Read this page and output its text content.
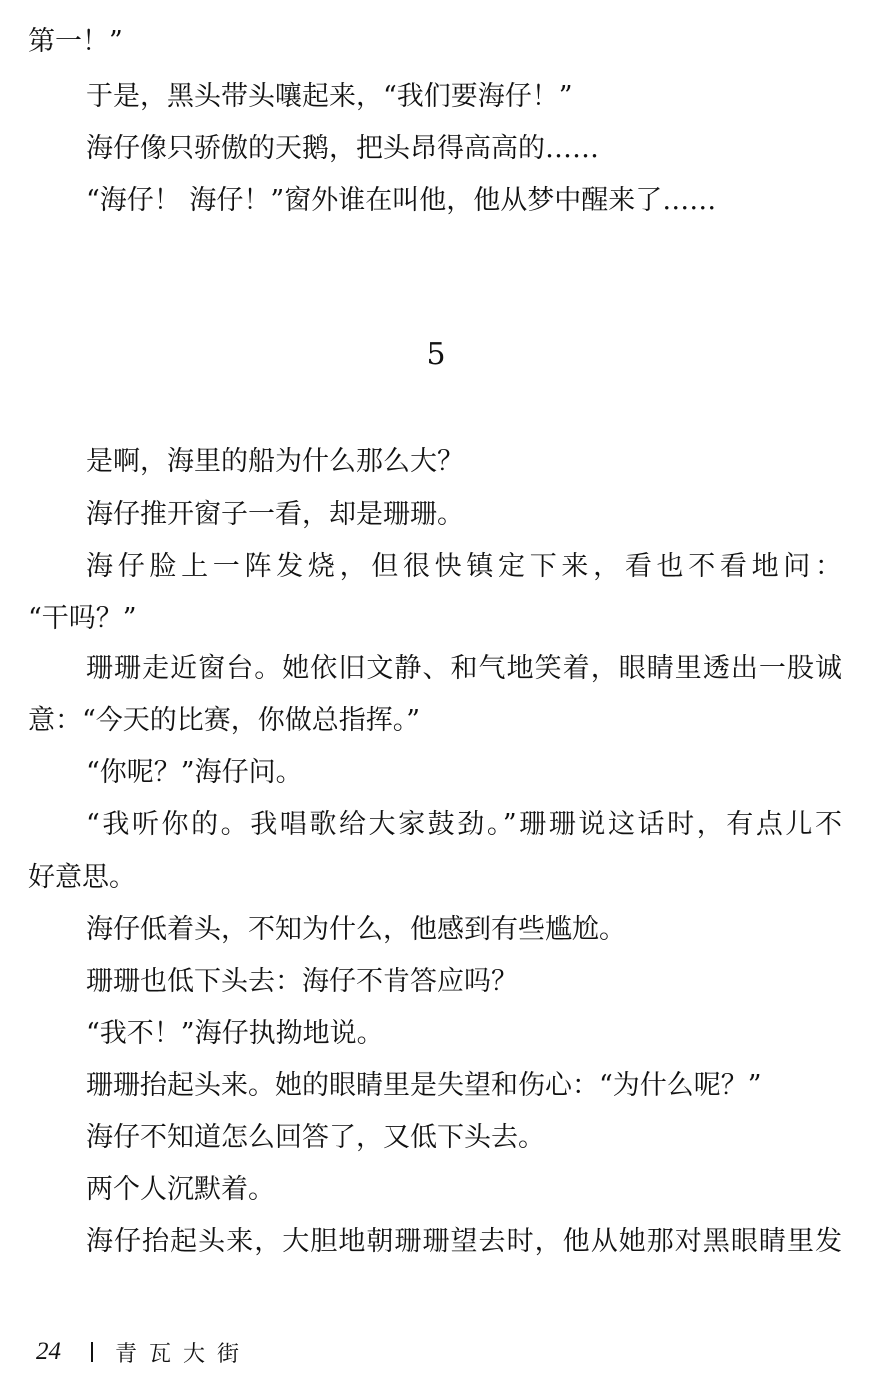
第一！”
于是，黑头带头嚷起来，“我们要海仔！”
海仔像只骄傲的天鹅，把头昂得高高的……
“海仔！ 海仔！”窗外谁在叫他，他从梦中醒来了……
5
是啊，海里的船为什么那么大？
海仔推开窗子一看，却是珊珊。
海仔脸上一阵发烧，但很快镇定下来，看也不看地问：
“干吗？”
珊珊走近窗台。她依旧文静、和气地笑着，眼睛里透出一股诚
意：“今天的比赛，你做总指挥。”
“你呢？”海仔问。
“我听你的。我唱歌给大家鼓劲。”珊珊说这话时，有点儿不
好意思。
海仔低着头，不知为什么，他感到有些尴尬。
珊珊也低下头去：海仔不肯答应吗？
“我不！”海仔执拗地说。
珊珊抬起头来。她的眼睛里是失望和伤心：“为什么呢？”
海仔不知道怎么回答了，又低下头去。
两个人沉默着。
海仔抬起头来，大胆地朝珊珊望去时，他从她那对黑眼睛里发
24 青瓦大街
